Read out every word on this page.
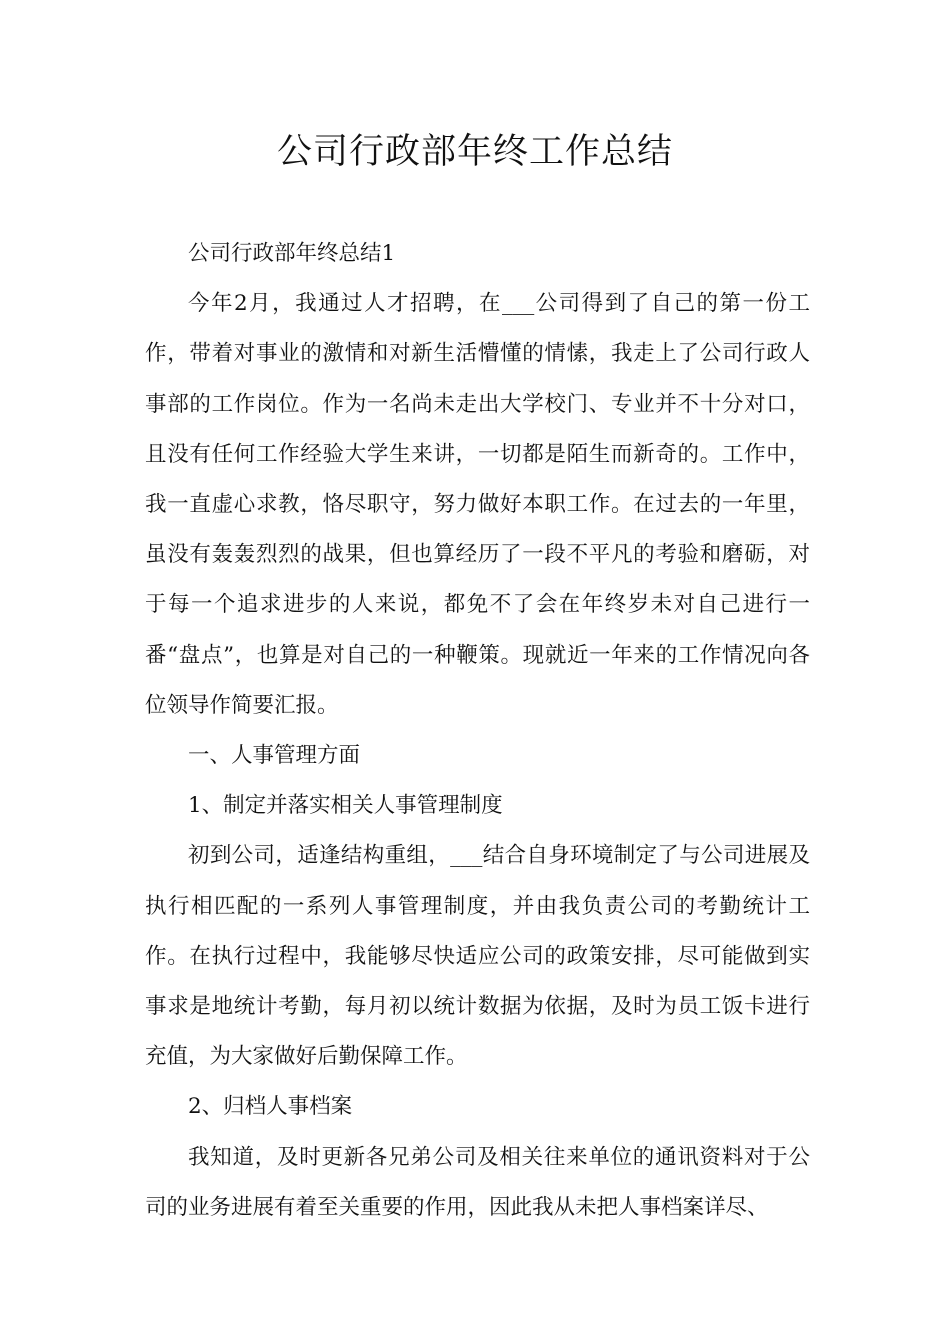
公司行政部年终工作总结

公司行政部年终总结1

今年2月，我通过人才招聘，在___公司得到了自己的第一份工作，带着对事业的激情和对新生活懵懂的情愫，我走上了公司行政人事部的工作岗位。作为一名尚未走出大学校门、专业并不十分对口，且没有任何工作经验大学生来讲，一切都是陌生而新奇的。工作中，我一直虚心求教，恪尽职守，努力做好本职工作。在过去的一年里，虽没有轰轰烈烈的战果，但也算经历了一段不平凡的考验和磨砺，对于每一个追求进步的人来说，都免不了会在年终岁未对自己进行一番“盘点”，也算是对自己的一种鞭策。现就近一年来的工作情况向各位领导作简要汇报。

一、人事管理方面

1、制定并落实相关人事管理制度

初到公司，适逢结构重组，___结合自身环境制定了与公司进展及执行相匹配的一系列人事管理制度，并由我负责公司的考勤统计工作。在执行过程中，我能够尽快适应公司的政策安排，尽可能做到实事求是地统计考勤，每月初以统计数据为依据，及时为员工饭卡进行充值，为大家做好后勤保障工作。

2、归档人事档案

我知道，及时更新各兄弟公司及相关往来单位的通讯资料对于公司的业务进展有着至关重要的作用，因此我从未把人事档案详尽、
